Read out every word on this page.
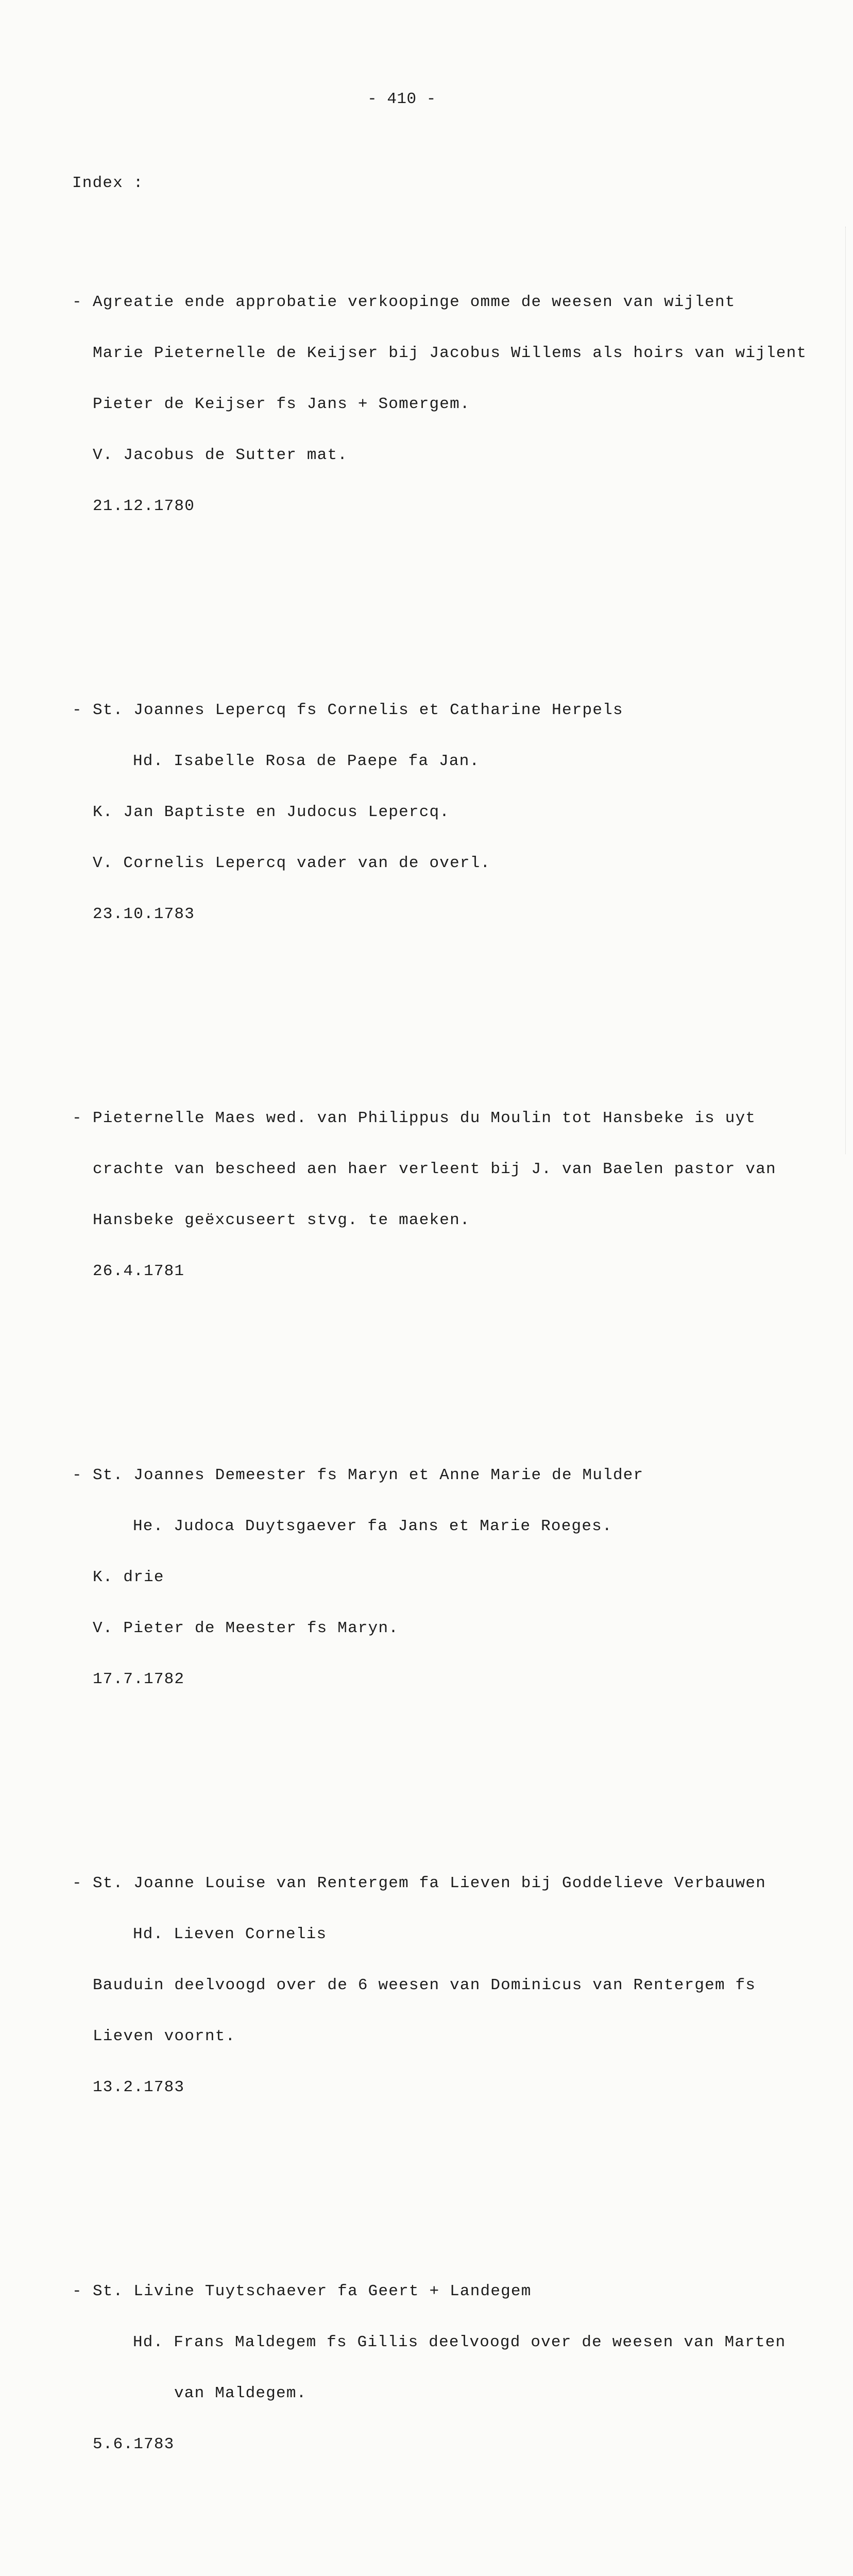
- 410 -

Index :

- Agreatie ende approbatie verkoopinge omme de weesen van wijlent

Marie Pieternelle de Keijser bij Jacobus Willems als hoirs van wijlent

Pieter de Keijser fs Jans + Somergem.

V. Jacobus de Sutter mat.

21.12.1780

- St. Joannes Lepercq fs Cornelis et Catharine Herpels

Hd. Isabelle Rosa de Paepe fa Jan.

K. Jan Baptiste en Judocus Lepercq.

V. Cornelis Lepercq vader van de overl.

23.10.1783

- Pieternelle Maes wed. van Philippus du Moulin tot Hansbeke is uyt

crachte van bescheed aen haer verleent bij J. van Baelen pastor van

Hansbeke geëxcuseert stvg. te maeken.

26.4.1781

- St. Joannes Demeester fs Maryn et Anne Marie de Mulder

He. Judoca Duytsgaever fa Jans et Marie Roeges.

K. drie

V. Pieter de Meester fs Maryn.

17.7.1782

- St. Joanne Louise van Rentergem fa Lieven bij Goddelieve Verbauwen

Hd. Lieven Cornelis

Bauduin deelvoogd over de 6 weesen van Dominicus van Rentergem fs

Lieven voornt.

13.2.1783

- St. Livine Tuytschaever fa Geert + Landegem

Hd. Frans Maldegem fs Gillis deelvoogd over de weesen van Marten

van Maldegem.

5.6.1783
